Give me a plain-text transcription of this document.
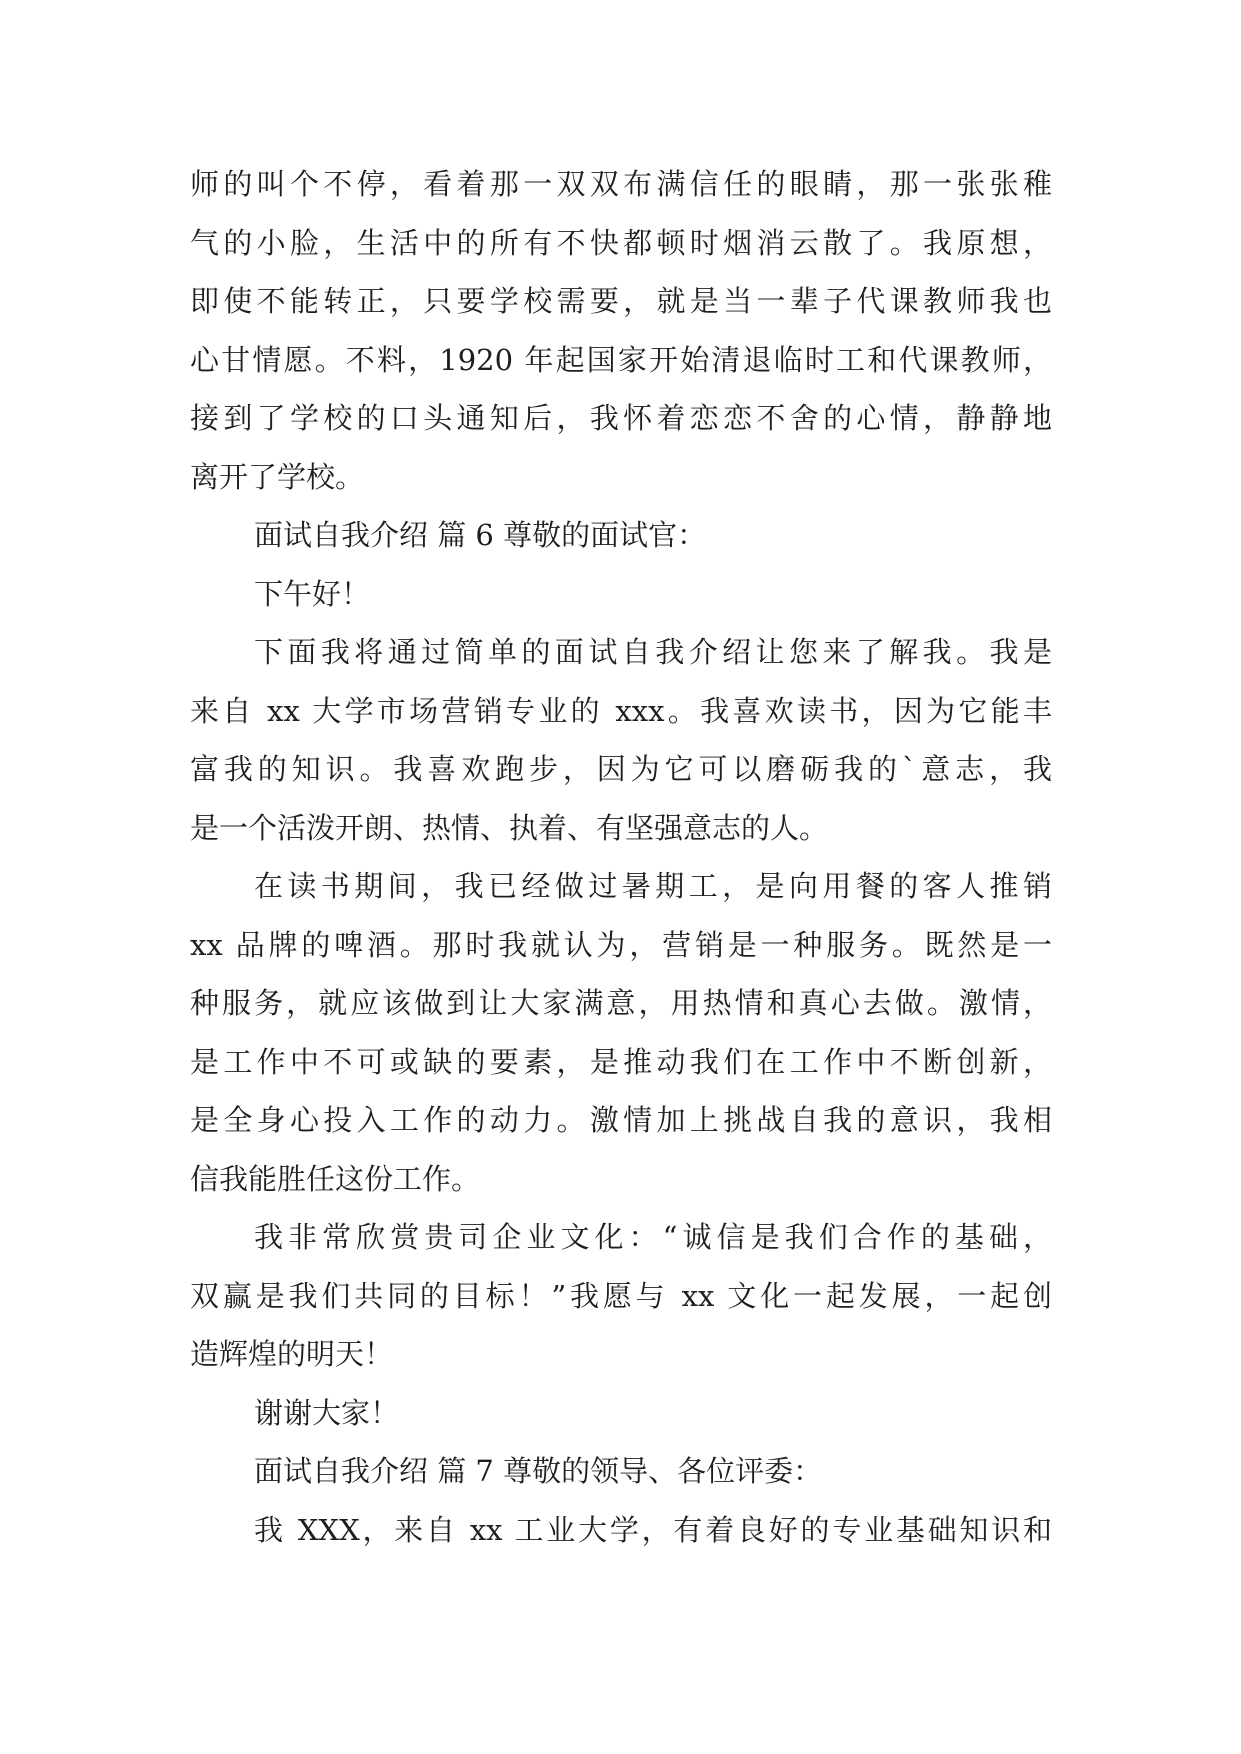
师的叫个不停，看着那一双双布满信任的眼睛，那一张张稚
气的小脸，生活中的所有不快都顿时烟消云散了。我原想，
即使不能转正，只要学校需要，就是当一辈子代课教师我也
心甘情愿。不料，1920 年起国家开始清退临时工和代课教师，
接到了学校的口头通知后，我怀着恋恋不舍的心情，静静地
离开了学校。
面试自我介绍 篇 6 尊敬的面试官：
下午好！
下面我将通过简单的面试自我介绍让您来了解我。我是
来自 xx 大学市场营销专业的 xxx。我喜欢读书，因为它能丰
富我的知识。我喜欢跑步，因为它可以磨砺我的`意志，我
是一个活泼开朗、热情、执着、有坚强意志的人。
在读书期间，我已经做过暑期工，是向用餐的客人推销
xx 品牌的啤酒。那时我就认为，营销是一种服务。既然是一
种服务，就应该做到让大家满意，用热情和真心去做。激情，
是工作中不可或缺的要素，是推动我们在工作中不断创新，
是全身心投入工作的动力。激情加上挑战自我的意识，我相
信我能胜任这份工作。
我非常欣赏贵司企业文化：“诚信是我们合作的基础，
双赢是我们共同的目标！”我愿与 xx 文化一起发展，一起创
造辉煌的明天！
谢谢大家！
面试自我介绍 篇 7 尊敬的领导、各位评委：
我 XXX，来自 xx 工业大学，有着良好的专业基础知识和
